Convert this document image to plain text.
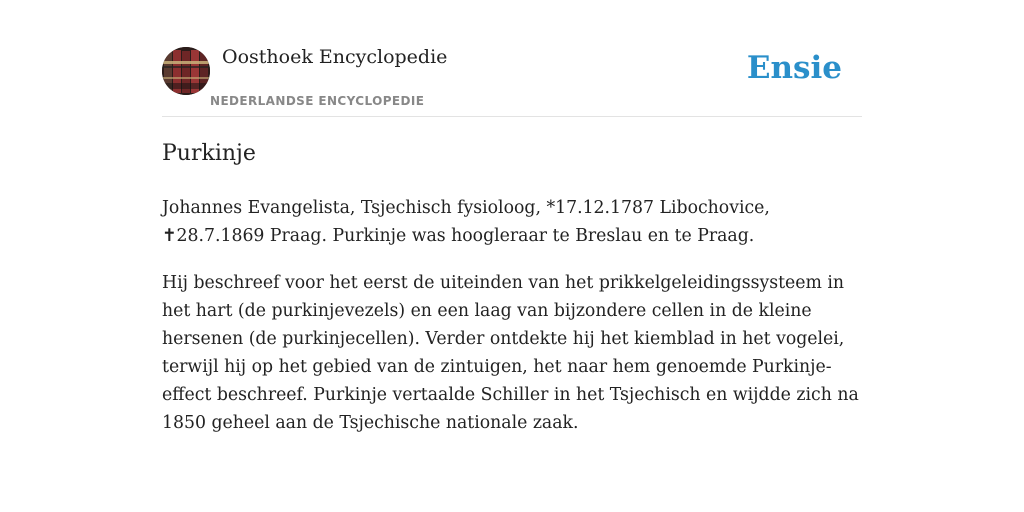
Oosthoek Encyclopedie
NEDERLANDSE ENCYCLOPEDIE
Ensie
Purkinje

Johannes Evangelista, Tsjechisch fysioloog, *17.12.1787 Libochovice, ✝28.7.1869 Praag. Purkinje was hoogleraar te Breslau en te Praag.

Hij beschreef voor het eerst de uiteinden van het prikkelgeleidingssysteem in het hart (de purkinjevezels) en een laag van bijzondere cellen in de kleine hersenen (de purkinjecellen). Verder ontdekte hij het kiemblad in het vogelei, terwijl hij op het gebied van de zintuigen, het naar hem genoemde Purkinje-effect beschreef. Purkinje vertaalde Schiller in het Tsjechisch en wijdde zich na 1850 geheel aan de Tsjechische nationale zaak.
